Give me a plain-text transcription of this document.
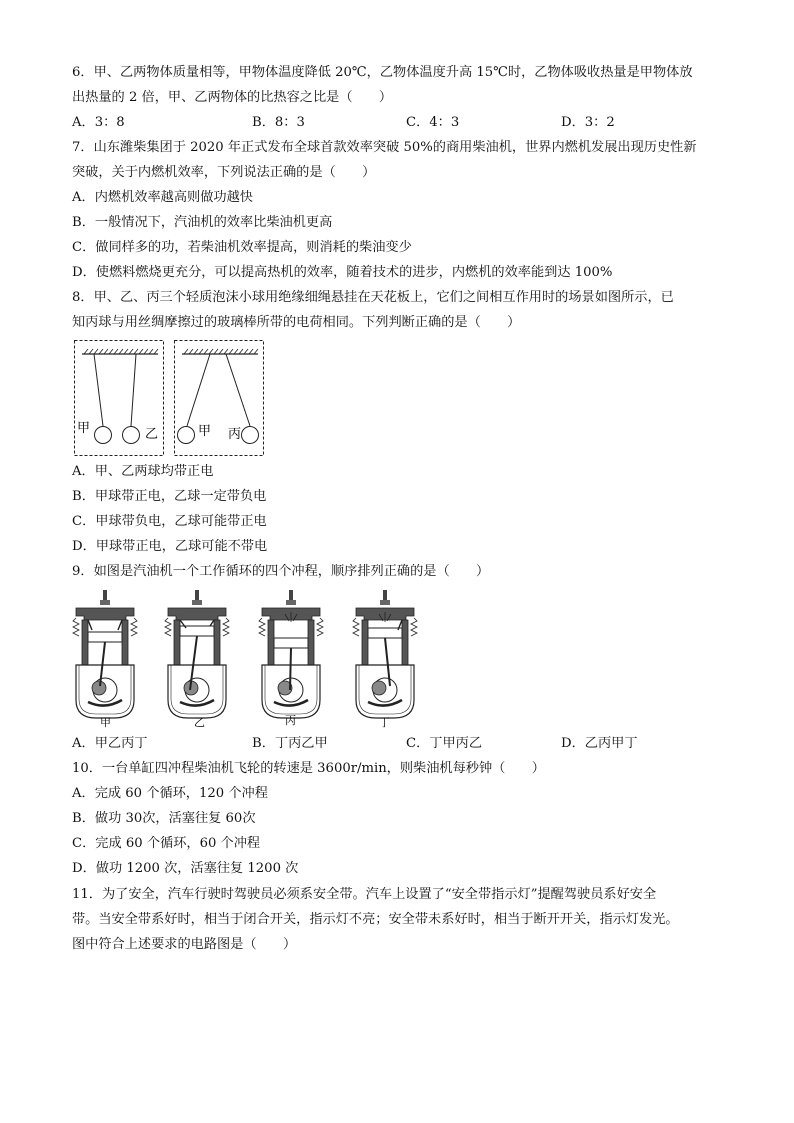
6．甲、乙两物体质量相等，甲物体温度降低 20℃，乙物体温度升高 15℃时，乙物体吸收热量是甲物体放
出热量的 2 倍，甲、乙两物体的比热容之比是（　　）
A．3：8	B．8：3	C．4：3	D．3：2
7．山东潍柴集团于 2020 年正式发布全球首款效率突破 50%的商用柴油机，世界内燃机发展出现历史性新
突破，关于内燃机效率，下列说法正确的是（　　）
A．内燃机效率越高则做功越快
B．一般情况下，汽油机的效率比柴油机更高
C．做同样多的功，若柴油机效率提高，则消耗的柴油变少
D．使燃料燃烧更充分，可以提高热机的效率，随着技术的进步，内燃机的效率能到达 100%
8．甲、乙、丙三个轻质泡沫小球用绝缘细绳悬挂在天花板上，它们之间相互作用时的场景如图所示，已
知丙球与用丝绸摩擦过的玻璃棒所带的电荷相同。下列判断正确的是（　　）
甲	乙	甲 丙
A．甲、乙两球均带正电
B．甲球带正电，乙球一定带负电
C．甲球带负电，乙球可能带正电
D．甲球带正电，乙球可能不带电
9．如图是汽油机一个工作循环的四个冲程，顺序排列正确的是（　　）
甲	乙	丙	丁
A．甲乙丙丁	B．丁丙乙甲	C．丁甲丙乙	D．乙丙甲丁
10．一台单缸四冲程柴油机飞轮的转速是 3600r/min，则柴油机每秒钟（　　）
A．完成 60 个循环，120 个冲程
B．做功 30次，活塞往复 60次
C．完成 60 个循环，60 个冲程
D．做功 1200 次，活塞往复 1200 次
11．为了安全，汽车行驶时驾驶员必须系安全带。汽车上设置了“安全带指示灯”提醒驾驶员系好安全
带。当安全带系好时，相当于闭合开关，指示灯不亮；安全带未系好时，相当于断开开关，指示灯发光。
图中符合上述要求的电路图是（　　）
